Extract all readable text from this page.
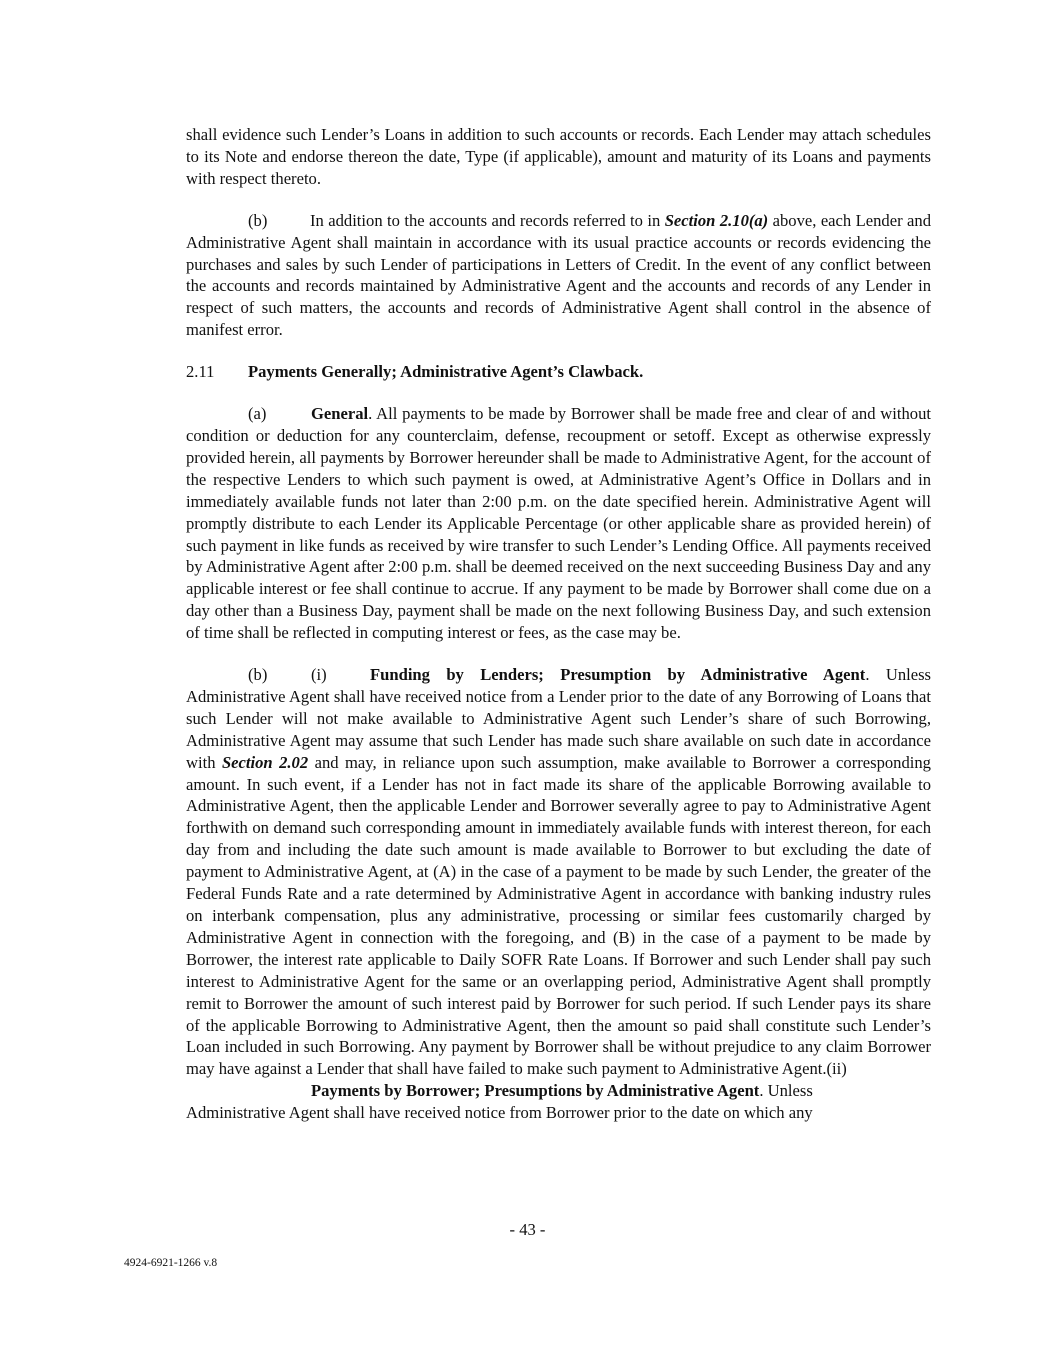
shall evidence such Lender’s Loans in addition to such accounts or records. Each Lender may attach schedules to its Note and endorse thereon the date, Type (if applicable), amount and maturity of its Loans and payments with respect thereto.

(b)	In addition to the accounts and records referred to in Section 2.10(a) above, each Lender and Administrative Agent shall maintain in accordance with its usual practice accounts or records evidencing the purchases and sales by such Lender of participations in Letters of Credit. In the event of any conflict between the accounts and records maintained by Administrative Agent and the accounts and records of any Lender in respect of such matters, the accounts and records of Administrative Agent shall control in the absence of manifest error.

2.11 Payments Generally; Administrative Agent’s Clawback.

(a)	General. All payments to be made by Borrower shall be made free and clear of and without condition or deduction for any counterclaim, defense, recoupment or setoff. Except as otherwise expressly provided herein, all payments by Borrower hereunder shall be made to Administrative Agent, for the account of the respective Lenders to which such payment is owed, at Administrative Agent’s Office in Dollars and in immediately available funds not later than 2:00 p.m. on the date specified herein. Administrative Agent will promptly distribute to each Lender its Applicable Percentage (or other applicable share as provided herein) of such payment in like funds as received by wire transfer to such Lender’s Lending Office. All payments received by Administrative Agent after 2:00 p.m. shall be deemed received on the next succeeding Business Day and any applicable interest or fee shall continue to accrue. If any payment to be made by Borrower shall come due on a day other than a Business Day, payment shall be made on the next following Business Day, and such extension of time shall be reflected in computing interest or fees, as the case may be.

(b)	(i)	Funding by Lenders; Presumption by Administrative Agent. Unless Administrative Agent shall have received notice from a Lender prior to the date of any Borrowing of Loans that such Lender will not make available to Administrative Agent such Lender’s share of such Borrowing, Administrative Agent may assume that such Lender has made such share available on such date in accordance with Section 2.02 and may, in reliance upon such assumption, make available to Borrower a corresponding amount. In such event, if a Lender has not in fact made its share of the applicable Borrowing available to Administrative Agent, then the applicable Lender and Borrower severally agree to pay to Administrative Agent forthwith on demand such corresponding amount in immediately available funds with interest thereon, for each day from and including the date such amount is made available to Borrower to but excluding the date of payment to Administrative Agent, at (A) in the case of a payment to be made by such Lender, the greater of the Federal Funds Rate and a rate determined by Administrative Agent in accordance with banking industry rules on interbank compensation, plus any administrative, processing or similar fees customarily charged by Administrative Agent in connection with the foregoing, and (B) in the case of a payment to be made by Borrower, the interest rate applicable to Daily SOFR Rate Loans. If Borrower and such Lender shall pay such interest to Administrative Agent for the same or an overlapping period, Administrative Agent shall promptly remit to Borrower the amount of such interest paid by Borrower for such period. If such Lender pays its share of the applicable Borrowing to Administrative Agent, then the amount so paid shall constitute such Lender’s Loan included in such Borrowing. Any payment by Borrower shall be without prejudice to any claim Borrower may have against a Lender that shall have failed to make such payment to Administrative Agent.(ii)

Payments by Borrower; Presumptions by Administrative Agent. Unless
Administrative Agent shall have received notice from Borrower prior to the date on which any

- 43 -
4924-6921-1266 v.8
